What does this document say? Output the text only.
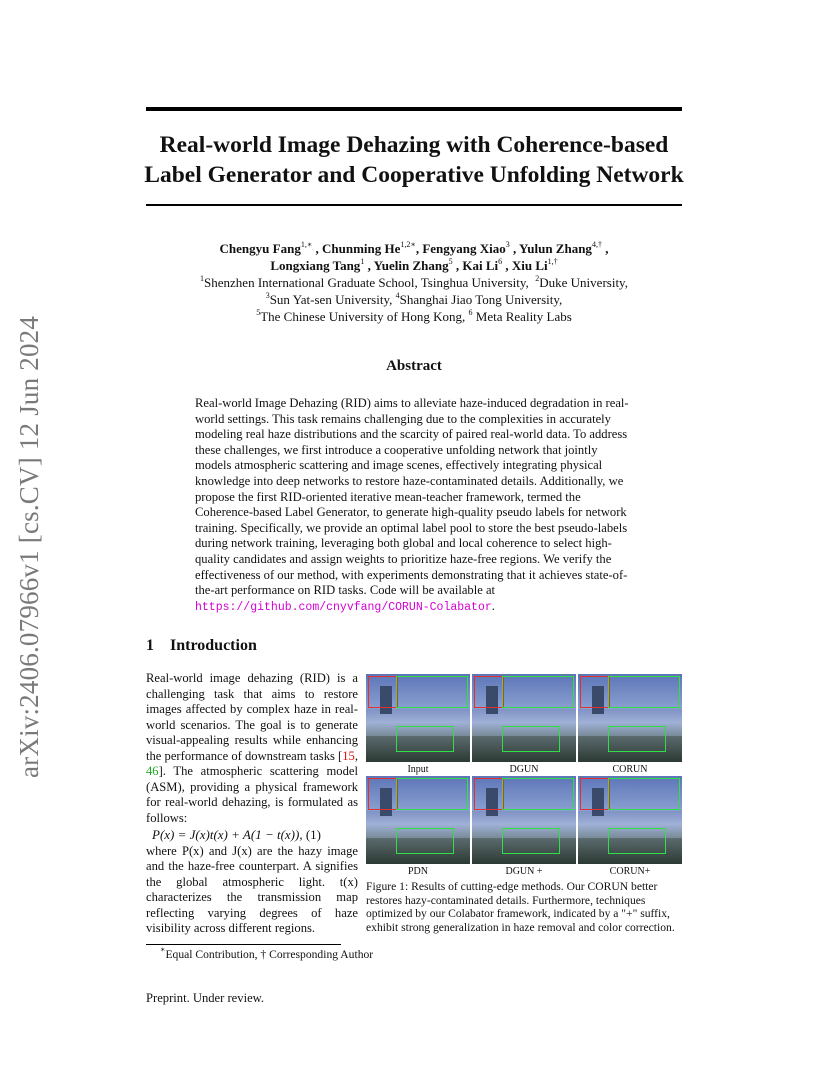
arXiv:2406.07966v1 [cs.CV] 12 Jun 2024
Real-world Image Dehazing with Coherence-based
Label Generator and Cooperative Unfolding Network
Chengyu Fang$^{1,∗}$ , Chunming $He^{1,2∗}$, Fengyang Xiao$^3$ , Yulun Zhang$^{4,\dagger}$ ,
Longxiang Tang$^1$ , Yuelin Zhang$^5$ , Kai Li$^6$ , Xiu $Li^{1,\dagger}$
$^1$Shenzhen International Graduate School, Tsinghua University, $^2$Duke University,
$^3$Sun Yat-sen University, $^4$Shanghai Jiao Tong University,
$^5$The Chinese University of Hong Kong, $^6$ Meta Reality Labs
Abstract
Real-world Image Dehazing (RID) aims to alleviate haze-induced degradation in real-world settings. This task remains challenging due to the complexities in accurately modeling real haze distributions and the scarcity of paired real-world data. To address these challenges, we first introduce a cooperative unfolding network that jointly models atmospheric scattering and image scenes, effectively integrating physical knowledge into deep networks to restore haze-contaminated details. Additionally, we propose the first RID-oriented iterative mean-teacher framework, termed the Coherence-based Label Generator, to generate high-quality pseudo labels for network training. Specifically, we provide an optimal label pool to store the best pseudo-labels during network training, leveraging both global and local coherence to select high-quality candidates and assign weights to prioritize haze-free regions. We verify the effectiveness of our method, with experiments demonstrating that it achieves state-of-the-art performance on RID tasks. Code will be available at https://github.com/cnyvfang/CORUN-Colabator.
1 Introduction
Real-world image dehazing (RID) is a challenging task that aims to restore images affected by complex haze in real-world scenarios. The goal is to generate visual-appealing results while enhancing the performance of downstream tasks [15, 46]. The atmospheric scattering model (ASM), providing a physical framework for real-world dehazing, is formulated as follows:
P(x) = J(x)t(x) + A(1 − t(x)), (1)
where P(x) and J(x) are the hazy image and the haze-free counterpart. A signifies the global atmospheric light. t(x) characterizes the transmission map reflecting varying degrees of haze visibility across different regions.
Input	DGUN	CORUN
PDN	DGUN +	CORUN+
Figure 1: Results of cutting-edge methods. Our CORUN better restores hazy-contaminated details. Furthermore, techniques optimized by our Colabator framework, indicated by a "+" suffix, exhibit strong generalization in haze removal and color correction.
∗Equal Contribution, † Corresponding Author
Preprint. Under review.
